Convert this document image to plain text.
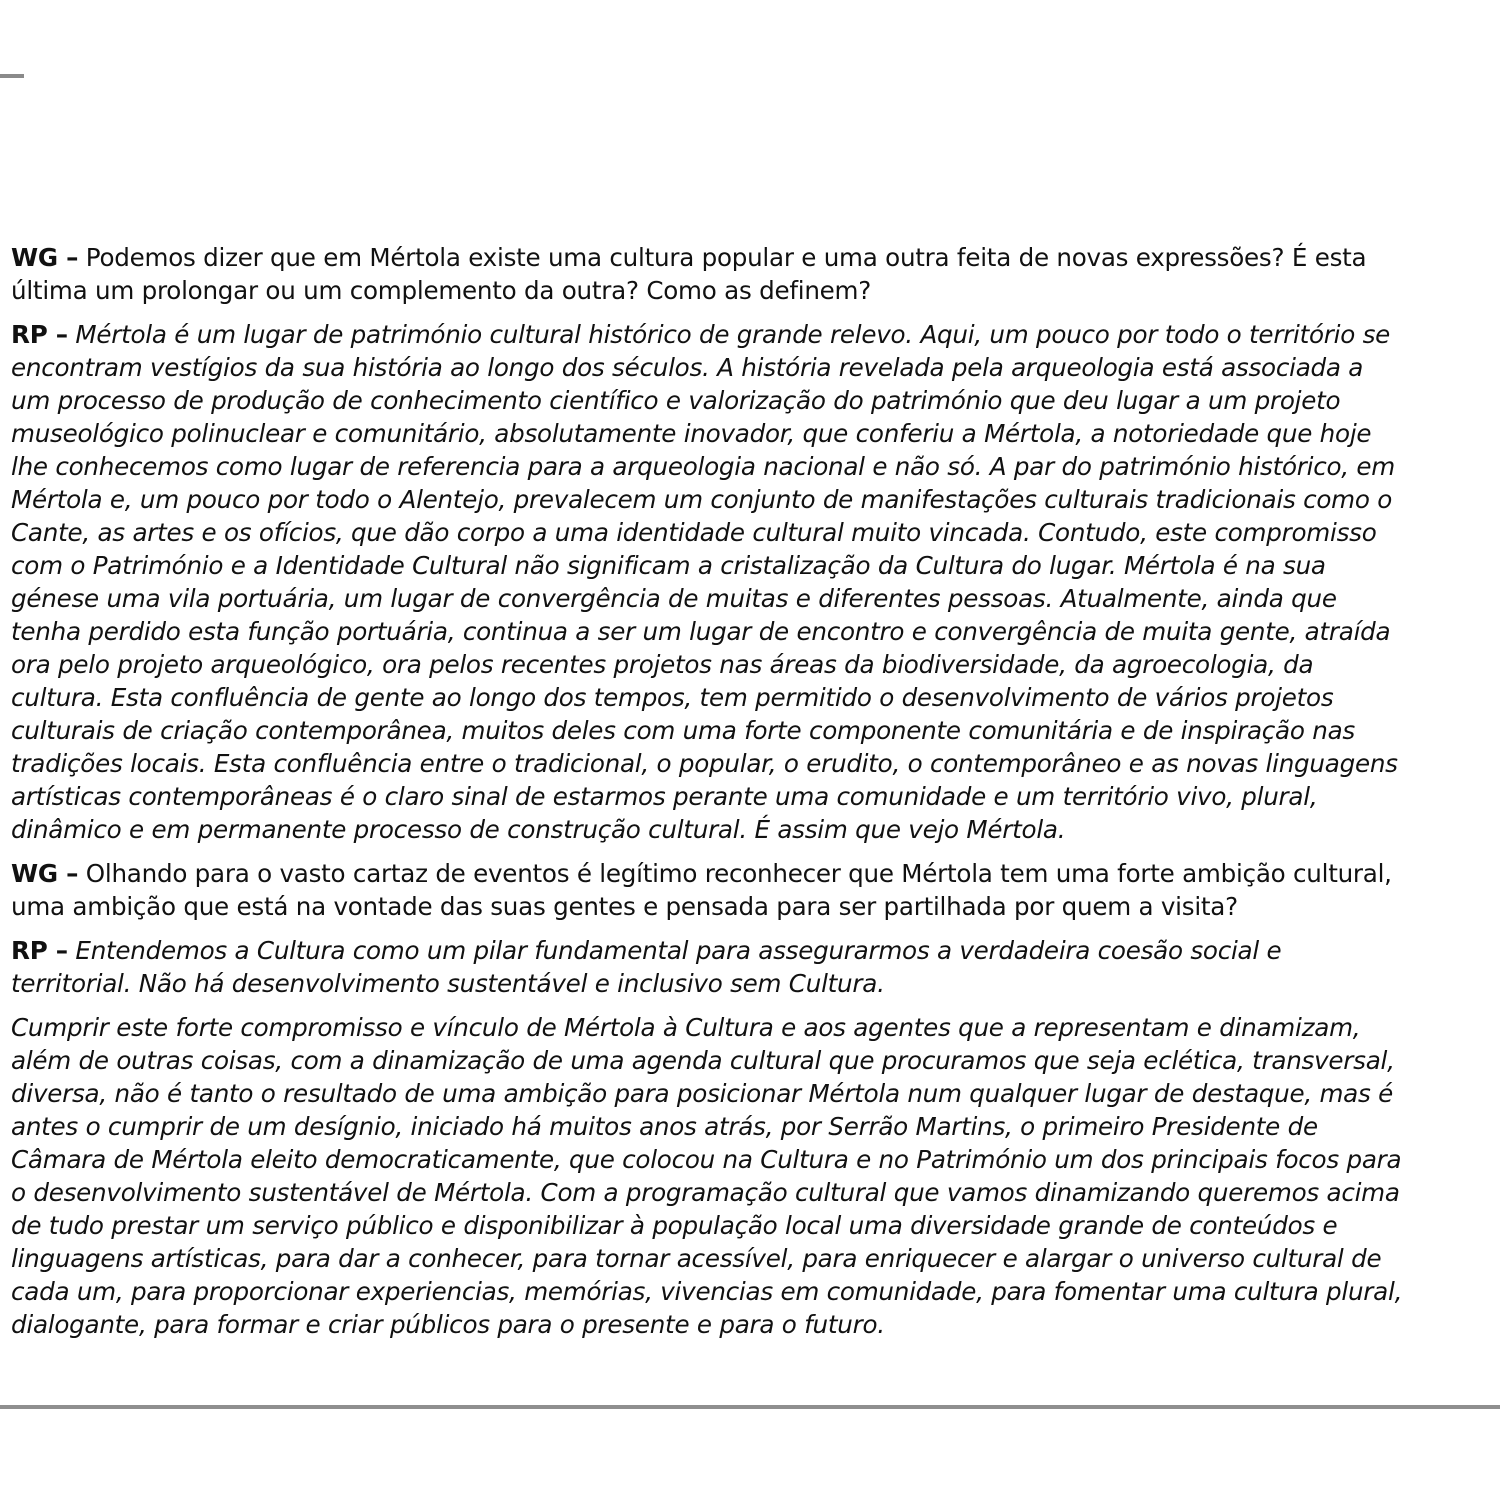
WG – Podemos dizer que em Mértola existe uma cultura popular e uma outra feita de novas expressões? É esta última um prolongar ou um complemento da outra? Como as definem?

RP – Mértola é um lugar de património cultural histórico de grande relevo. Aqui, um pouco por todo o território se encontram vestígios da sua história ao longo dos séculos. A história revelada pela arqueologia está associada a um processo de produção de conhecimento científico e valorização do património que deu lugar a um projeto museológico polinuclear e comunitário, absolutamente inovador, que conferiu a Mértola, a notoriedade que hoje lhe conhecemos como lugar de referencia para a arqueologia nacional e não só. A par do património histórico, em Mértola e, um pouco por todo o Alentejo, prevalecem um conjunto de manifestações culturais tradicionais como o Cante, as artes e os ofícios, que dão corpo a uma identidade cultural muito vincada. Contudo, este compromisso com o Património e a Identidade Cultural não significam a cristalização da Cultura do lugar. Mértola é na sua génese uma vila portuária, um lugar de convergência de muitas e diferentes pessoas. Atualmente, ainda que tenha perdido esta função portuária, continua a ser um lugar de encontro e convergência de muita gente, atraída ora pelo projeto arqueológico, ora pelos recentes projetos nas áreas da biodiversidade, da agroecologia, da cultura. Esta confluência de gente ao longo dos tempos, tem permitido o desenvolvimento de vários projetos culturais de criação contemporânea, muitos deles com uma forte componente comunitária e de inspiração nas tradições locais. Esta confluência entre o tradicional, o popular, o erudito, o contemporâneo e as novas linguagens artísticas contemporâneas é o claro sinal de estarmos perante uma comunidade e um território vivo, plural, dinâmico e em permanente processo de construção cultural. É assim que vejo Mértola.

WG – Olhando para o vasto cartaz de eventos é legítimo reconhecer que Mértola tem uma forte ambição cultural, uma ambição que está na vontade das suas gentes e pensada para ser partilhada por quem a visita?

RP – Entendemos a Cultura como um pilar fundamental para assegurarmos a verdadeira coesão social e territorial. Não há desenvolvimento sustentável e inclusivo sem Cultura.

Cumprir este forte compromisso e vínculo de Mértola à Cultura e aos agentes que a representam e dinamizam, além de outras coisas, com a dinamização de uma agenda cultural que procuramos que seja eclética, transversal, diversa, não é tanto o resultado de uma ambição para posicionar Mértola num qualquer lugar de destaque, mas é antes o cumprir de um desígnio, iniciado há muitos anos atrás, por Serrão Martins, o primeiro Presidente de Câmara de Mértola eleito democraticamente, que colocou na Cultura e no Património um dos principais focos para o desenvolvimento sustentável de Mértola. Com a programação cultural que vamos dinamizando queremos acima de tudo prestar um serviço público e disponibilizar à população local uma diversidade grande de conteúdos e linguagens artísticas, para dar a conhecer, para tornar acessível, para enriquecer e alargar o universo cultural de cada um, para proporcionar experiencias, memórias, vivencias em comunidade, para fomentar uma cultura plural, dialogante, para formar e criar públicos para o presente e para o futuro.
